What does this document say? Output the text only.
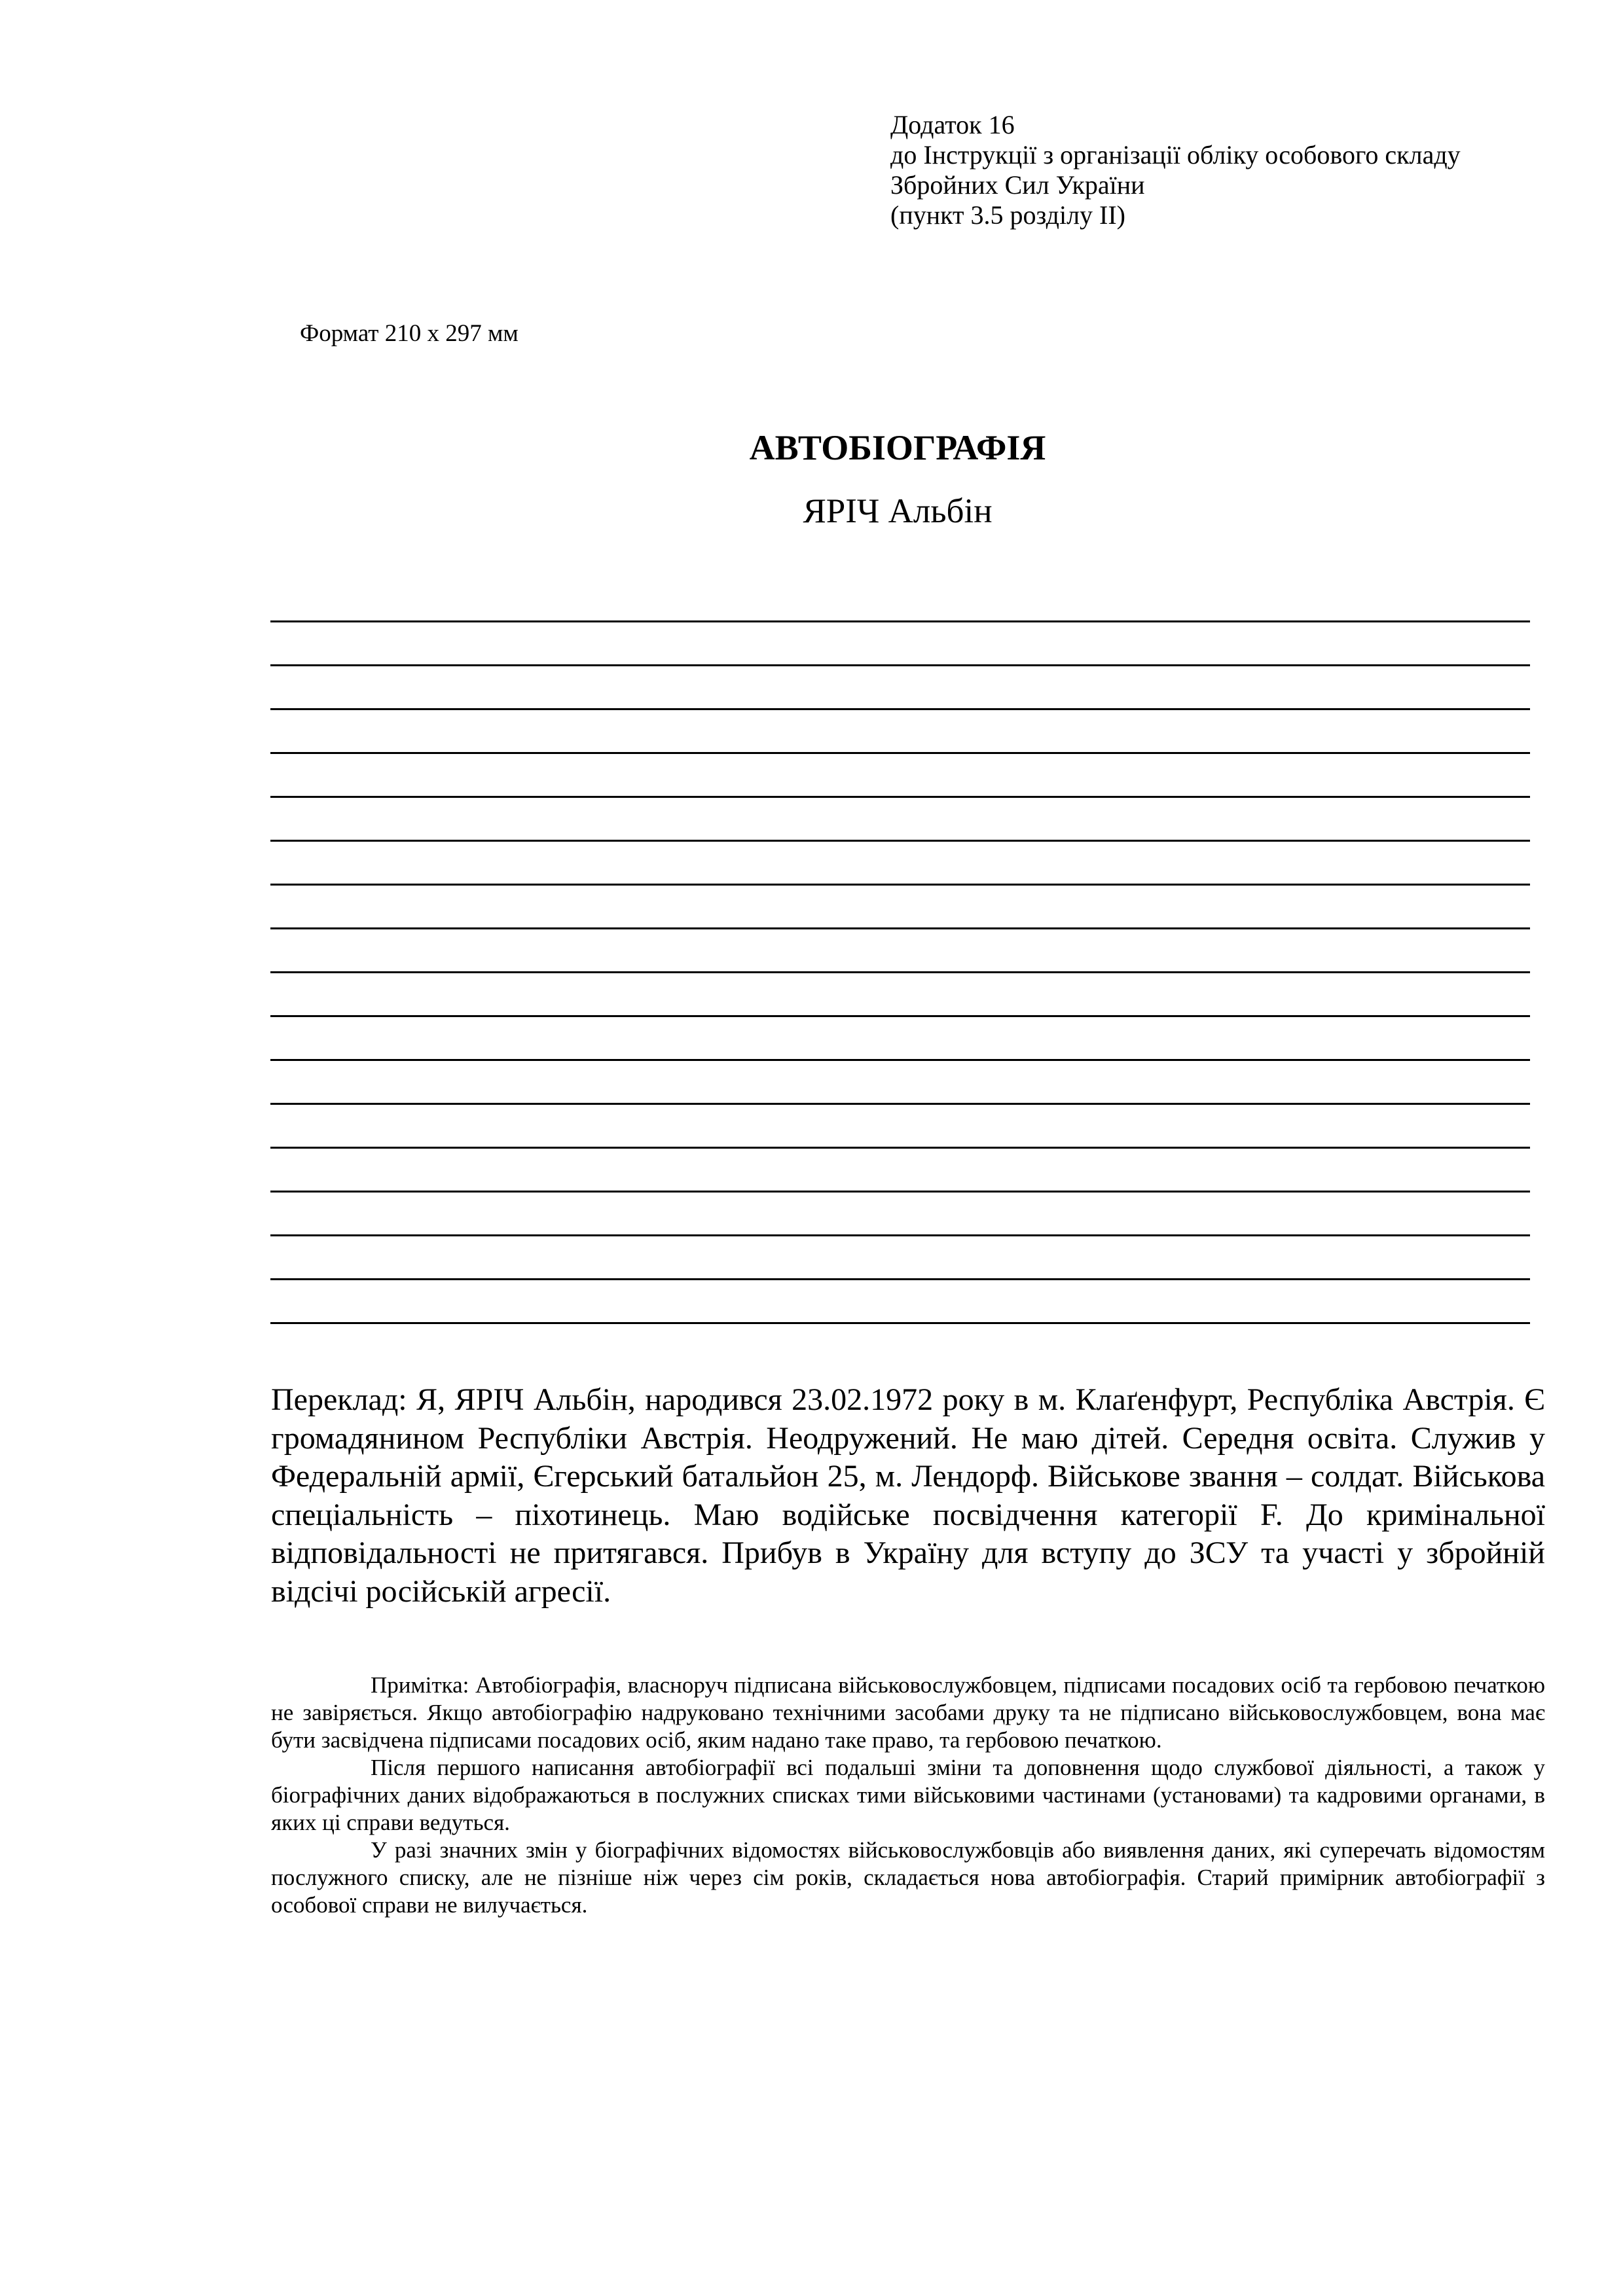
Додаток 16
до Інструкції з організації обліку особового складу
Збройних Сил України
(пункт 3.5 розділу ІІ)
Формат 210 х 297 мм
АВТОБІОГРАФІЯ
ЯРІЧ Альбін
Переклад: Я, ЯРІЧ Альбін, народився 23.02.1972 року в м. Клаґенфурт, Республіка Австрія. Є громадянином Республіки Австрія. Неодружений. Не маю дітей. Середня освіта. Служив у Федеральній армії, Єгерський батальйон 25, м. Лендорф. Військове звання – солдат. Військова спеціальність – піхотинець. Маю водійське посвідчення категорії F. До кримінальної відповідальності не притягався. Прибув в Україну для вступу до ЗСУ та участі у збройній відсічі російській агресії.

Примітка: Автобіографія, власноруч підписана військовослужбовцем, підписами посадових осіб та гербовою печаткою не завіряється. Якщо автобіографію надруковано технічними засобами друку та не підписано військовослужбовцем, вона має бути засвідчена підписами посадових осіб, яким надано таке право, та гербовою печаткою.

Після першого написання автобіографії всі подальші зміни та доповнення щодо службової діяльності, а також у біографічних даних відображаються в послужних списках тими військовими частинами (установами) та кадровими органами, в яких ці справи ведуться.

У разі значних змін у біографічних відомостях військовослужбовців або виявлення даних, які суперечать відомостям послужного списку, але не пізніше ніж через сім років, складається нова автобіографія. Старий примірник автобіографії з особової справи не вилучається.
